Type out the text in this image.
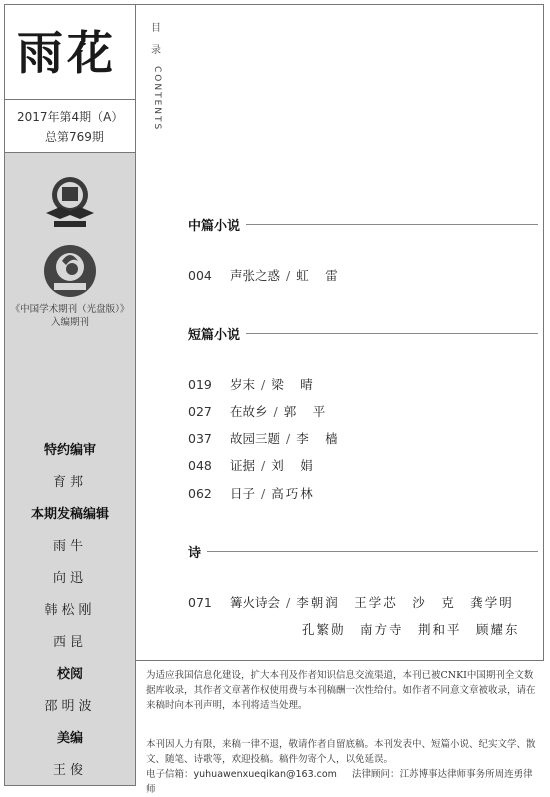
雨花
2017年第4期（A）
总第769期
《中国学术期刊（光盘版）》
入编期刊
特约编审
育邦
本期发稿编辑
雨牛
向迅
韩松刚
西昆
校阅
邵明波
美编
王俊
目
录
CONTENTS
中篇小说
004 声张之惑 / 虹　雷
短篇小说
019 岁末 / 梁　晴
027 在故乡 / 郭　平
037 故园三题 / 李　樯
048 证据 / 刘　娟
062 日子 / 高巧林
诗
071 篝火诗会 / 李朝润　王学芯　沙　克　龚学明
孔繁勋　南方寺　荆和平　顾耀东

为适应我国信息化建设，扩大本刊及作者知识信息交流渠道，本刊已被CNKI中国期刊全文数据库收录，其作者文章著作权使用费与本刊稿酬一次性给付。如作者不同意文章被收录，请在来稿时向本刊声明，本刊将适当处理。

本刊因人力有限，来稿一律不退，敬请作者自留底稿。本刊发表中、短篇小说、纪实文学、散文、随笔、诗歌等，欢迎投稿。稿件勿寄个人，以免延误。

电子信箱：yuhuawenxueqikan@163.com 法律顾问：江苏博事达律师事务所周连勇律师
